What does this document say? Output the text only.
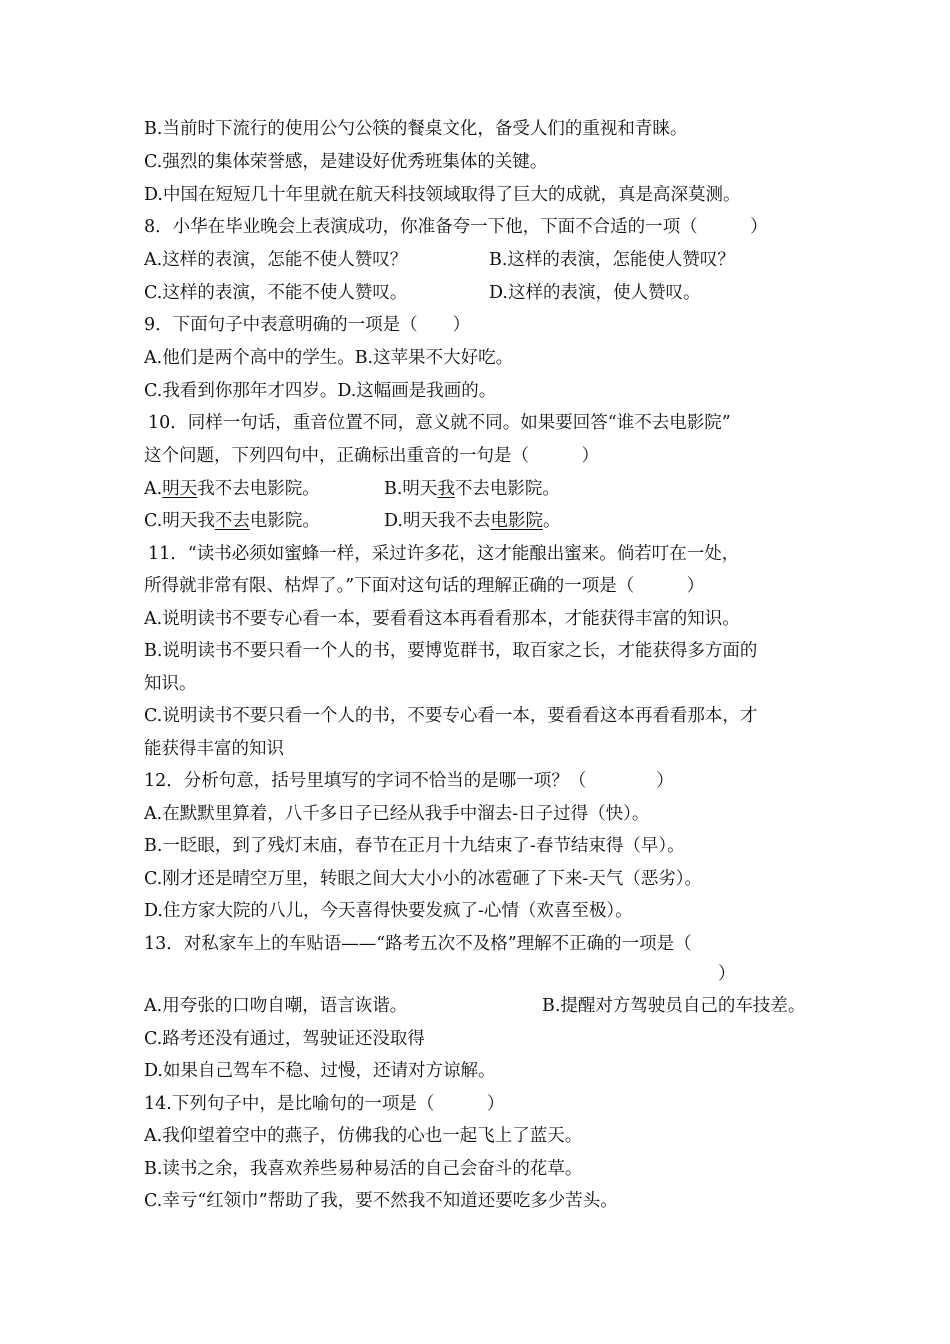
B.当前时下流行的使用公勺公筷的餐桌文化，备受人们的重视和青睐。
C.强烈的集体荣誉感，是建设好优秀班集体的关键。
D.中国在短短几十年里就在航天科技领域取得了巨大的成就，真是高深莫测。
8．小华在毕业晚会上表演成功，你准备夸一下他，下面不合适的一项（　　　）
A.这样的表演，怎能不使人赞叹？	B.这样的表演，怎能使人赞叹？
C.这样的表演，不能不使人赞叹。	D.这样的表演，使人赞叹。
9．下面句子中表意明确的一项是（　　）
A.他们是两个高中的学生。B.这苹果不大好吃。
C.我看到你那年才四岁。D.这幅画是我画的。
10．同样一句话，重音位置不同，意义就不同。如果要回答“谁不去电影院”
这个问题，下列四句中，正确标出重音的一句是（　　　）
A.明天我不去电影院。	B.明天我不去电影院。
C.明天我不去电影院。	D.明天我不去电影院。
11．“读书必须如蜜蜂一样，采过许多花，这才能酿出蜜来。倘若叮在一处，
所得就非常有限、枯焊了。”下面对这句话的理解正确的一项是（　　　）
A.说明读书不要专心看一本，要看看这本再看看那本，才能获得丰富的知识。
B.说明读书不要只看一个人的书，要博览群书，取百家之长，才能获得多方面的
知识。
C.说明读书不要只看一个人的书，不要专心看一本，要看看这本再看看那本，才
能获得丰富的知识
12．分析句意，括号里填写的字词不恰当的是哪一项？（　　　　）
A.在默默里算着，八千多日子已经从我手中溜去-日子过得（快）。
B.一眨眼，到了残灯末庙，春节在正月十九结束了-春节结束得（早）。
C.刚才还是晴空万里，转眼之间大大小小的冰雹砸了下来-天气（恶劣）。
D.住方家大院的八儿，今天喜得快要发疯了-心情（欢喜至极）。
13．对私家车上的车贴语——“路考五次不及格”理解不正确的一项是（
）
A.用夸张的口吻自嘲，语言诙谐。	B.提醒对方驾驶员自己的车技差。
C.路考还没有通过，驾驶证还没取得
D.如果自己驾车不稳、过慢，还请对方谅解。
14.下列句子中，是比喻句的一项是（　　　）
A.我仰望着空中的燕子，仿佛我的心也一起飞上了蓝天。
B.读书之余，我喜欢养些易种易活的自己会奋斗的花草。
C.幸亏“红领巾”帮助了我，要不然我不知道还要吃多少苦头。
